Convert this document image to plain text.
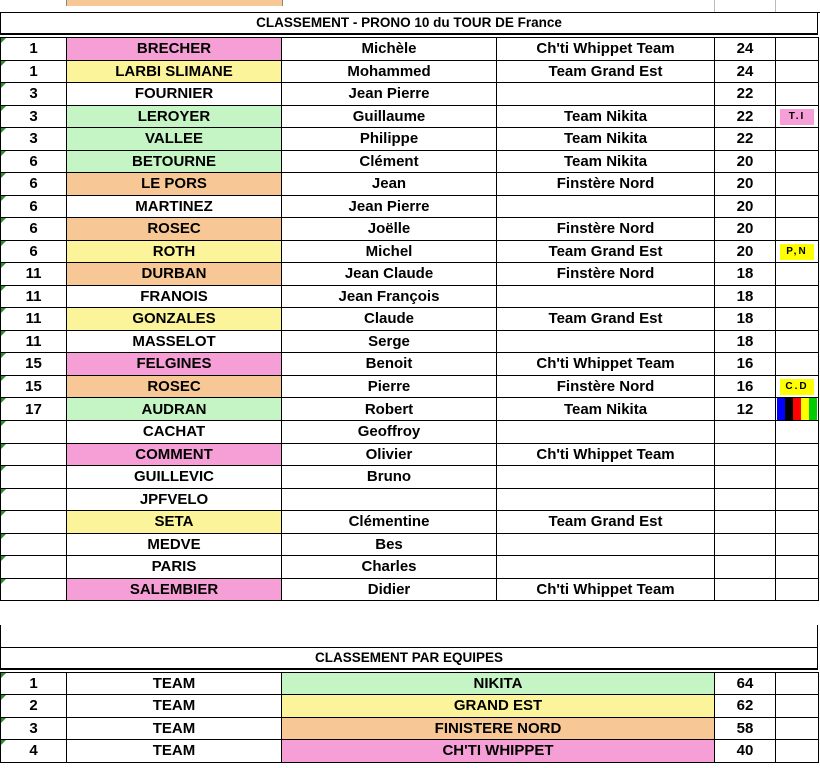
CLASSEMENT - PRONO 10 du TOUR DE France
1	BRECHER	Michèle	Ch'ti Whippet Team	24	
1	LARBI SLIMANE	Mohammed	Team Grand Est	24	
3	FOURNIER	Jean Pierre		22	
3	LEROYER	Guillaume	Team Nikita	22	T.I
3	VALLEE	Philippe	Team Nikita	22	
6	BETOURNE	Clément	Team Nikita	20	
6	LE PORS	Jean	Finstère Nord	20	
6	MARTINEZ	Jean Pierre		20	
6	ROSEC	Joëlle	Finstère Nord	20	
6	ROTH	Michel	Team Grand Est	20	P,N
11	DURBAN	Jean Claude	Finstère Nord	18	
11	FRANOIS	Jean François		18	
11	GONZALES	Claude	Team Grand Est	18	
11	MASSELOT	Serge		18	
15	FELGINES	Benoit	Ch'ti Whippet Team	16	
15	ROSEC	Pierre	Finstère Nord	16	C.D
17	AUDRAN	Robert	Team Nikita	12	

	CACHAT	Geoffroy			
	COMMENT	Olivier	Ch'ti Whippet Team		
	GUILLEVIC	Bruno			
	JPFVELO				
	SETA	Clémentine	Team Grand Est		
	MEDVE	Bes			
	PARIS	Charles			
	SALEMBIER	Didier	Ch'ti Whippet Team		
CLASSEMENT PAR EQUIPES
1	TEAM	NIKITA	64	
2	TEAM	GRAND EST	62	
3	TEAM	FINISTERE NORD	58	
4	TEAM	CH'TI WHIPPET	40	
